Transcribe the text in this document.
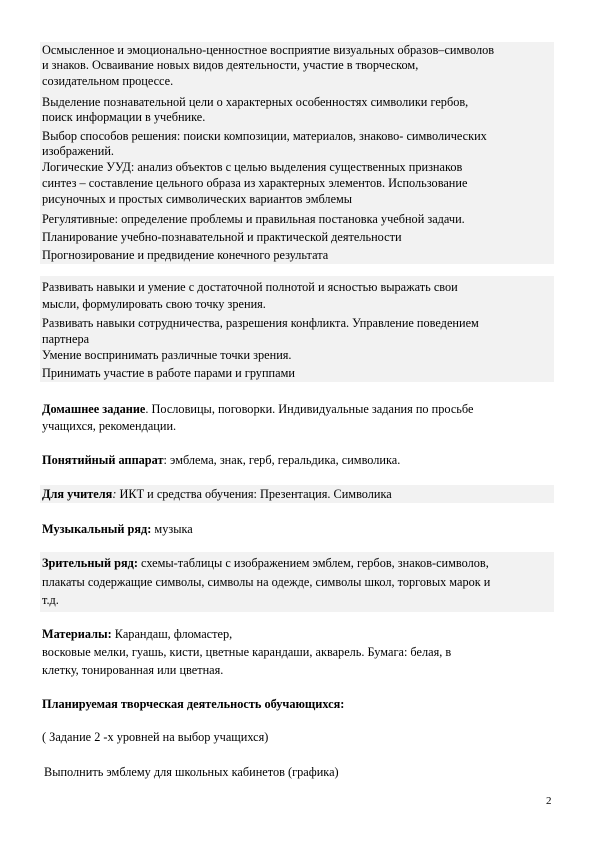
Осмысленное и эмоционально-ценностное восприятие визуальных образов–символов
и знаков. Осваивание новых видов деятельности, участие в творческом,
созидательном процессе.
Выделение познавательной цели о характерных особенностях символики гербов,
поиск информации в учебнике.
Выбор способов решения: поиски композиции, материалов, знаково- символических
изображений.
Логические УУД: анализ объектов с целью выделения существенных признаков
синтез – составление цельного образа из характерных элементов. Использование
рисуночных и простых символических вариантов эмблемы
Регулятивные: определение проблемы и правильная постановка учебной задачи.
Планирование учебно-познавательной и практической деятельности
Прогнозирование и предвидение конечного результата
Развивать навыки и умение с достаточной полнотой и ясностью выражать свои
мысли, формулировать свою точку зрения.
Развивать навыки сотрудничества, разрешения конфликта. Управление поведением
партнера
Умение воспринимать различные точки зрения.
Принимать участие в работе парами и группами
Домашнее задание. Пословицы, поговорки. Индивидуальные задания по просьбе
учащихся, рекомендации.
Понятийный аппарат: эмблема, знак, герб, геральдика, символика.
Для учителя: ИКТ и средства обучения: Презентация. Символика
Музыкальный ряд: музыка
Зрительный ряд: схемы-таблицы с изображением эмблем, гербов, знаков-символов,
плакаты содержащие символы, символы на одежде, символы школ, торговых марок и
т.д.
Материалы: Карандаш, фломастер,
восковые мелки, гуашь, кисти, цветные карандаши, акварель. Бумага: белая, в
клетку, тонированная или цветная.
Планируемая творческая деятельность обучающихся:
( Задание 2 -х уровней на выбор учащихся)
Выполнить эмблему для школьных кабинетов (графика)
2
